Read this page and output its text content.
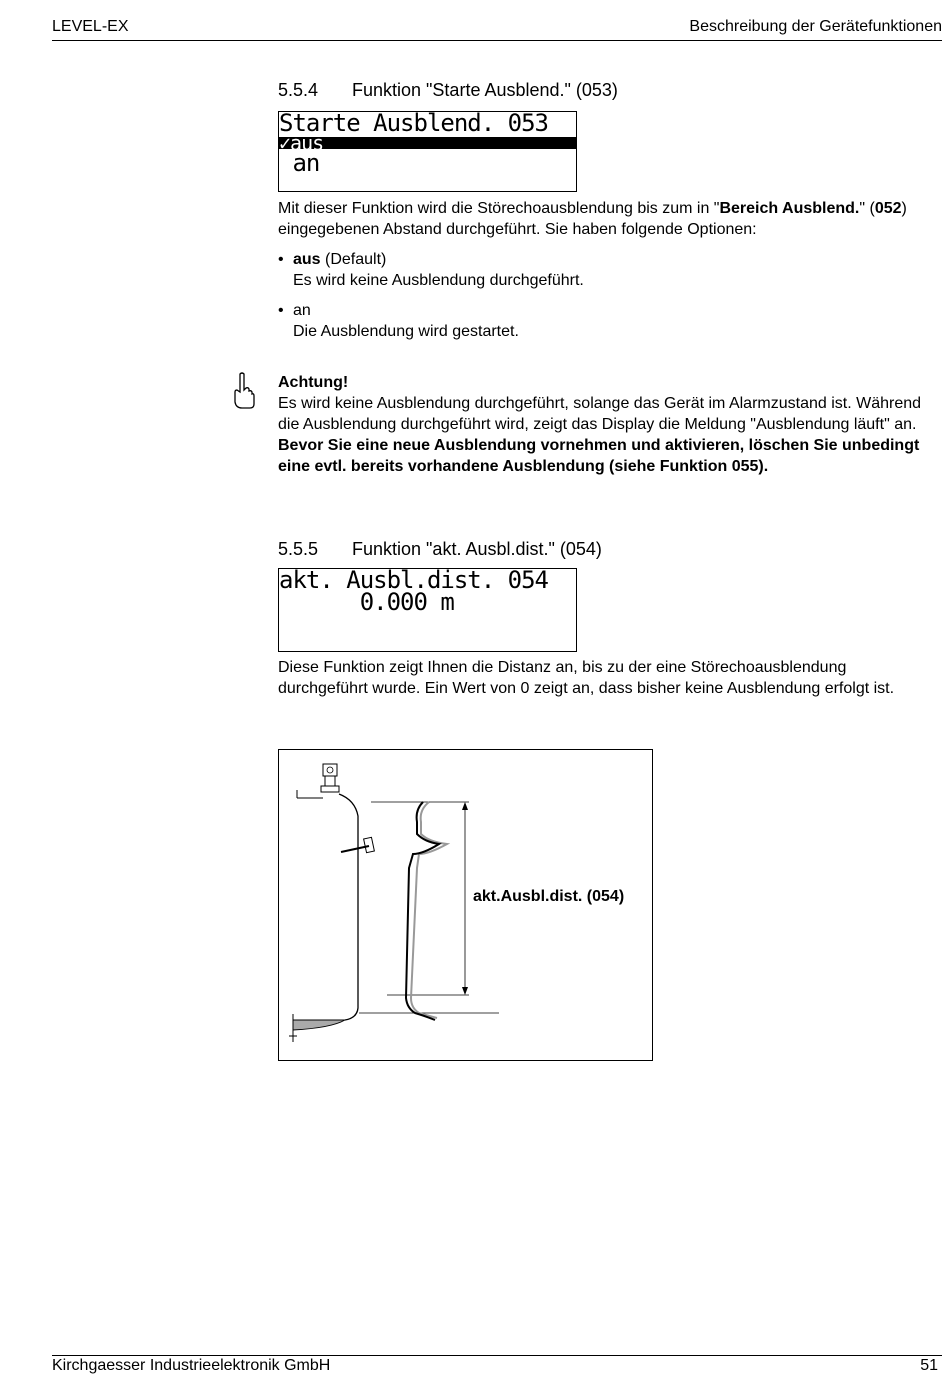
LEVEL-EX	Beschreibung der Gerätefunktionen
5.5.4 Funktion "Starte Ausblend." (053)
Starte Ausblend. 053
✓aus
an

Mit dieser Funktion wird die Störechoausblendung bis zum in "Bereich Ausblend." (052) eingegebenen Abstand durchgeführt. Sie haben folgende Optionen:

• aus (Default)
Es wird keine Ausblendung durchgeführt.
• an
Die Ausblendung wird gestartet.

Achtung!

Es wird keine Ausblendung durchgeführt, solange das Gerät im Alarmzustand ist. Während die Ausblendung durchgeführt wird, zeigt das Display die Meldung "Ausblendung läuft" an.

Bevor Sie eine neue Ausblendung vornehmen und aktivieren, löschen Sie unbedingt eine evtl. bereits vorhandene Ausblendung (siehe Funktion 055).

5.5.5 Funktion "akt. Ausbl.dist." (054)
akt. Ausbl.dist. 054
0.000 m
Diese Funktion zeigt Ihnen die Distanz an, bis zu der eine Störechoausblendung durchgeführt wurde. Ein Wert von 0 zeigt an, dass bisher keine Ausblendung erfolgt ist.
akt.Ausbl.dist. (054)
Kirchgaesser Industrieelektronik GmbH	51
